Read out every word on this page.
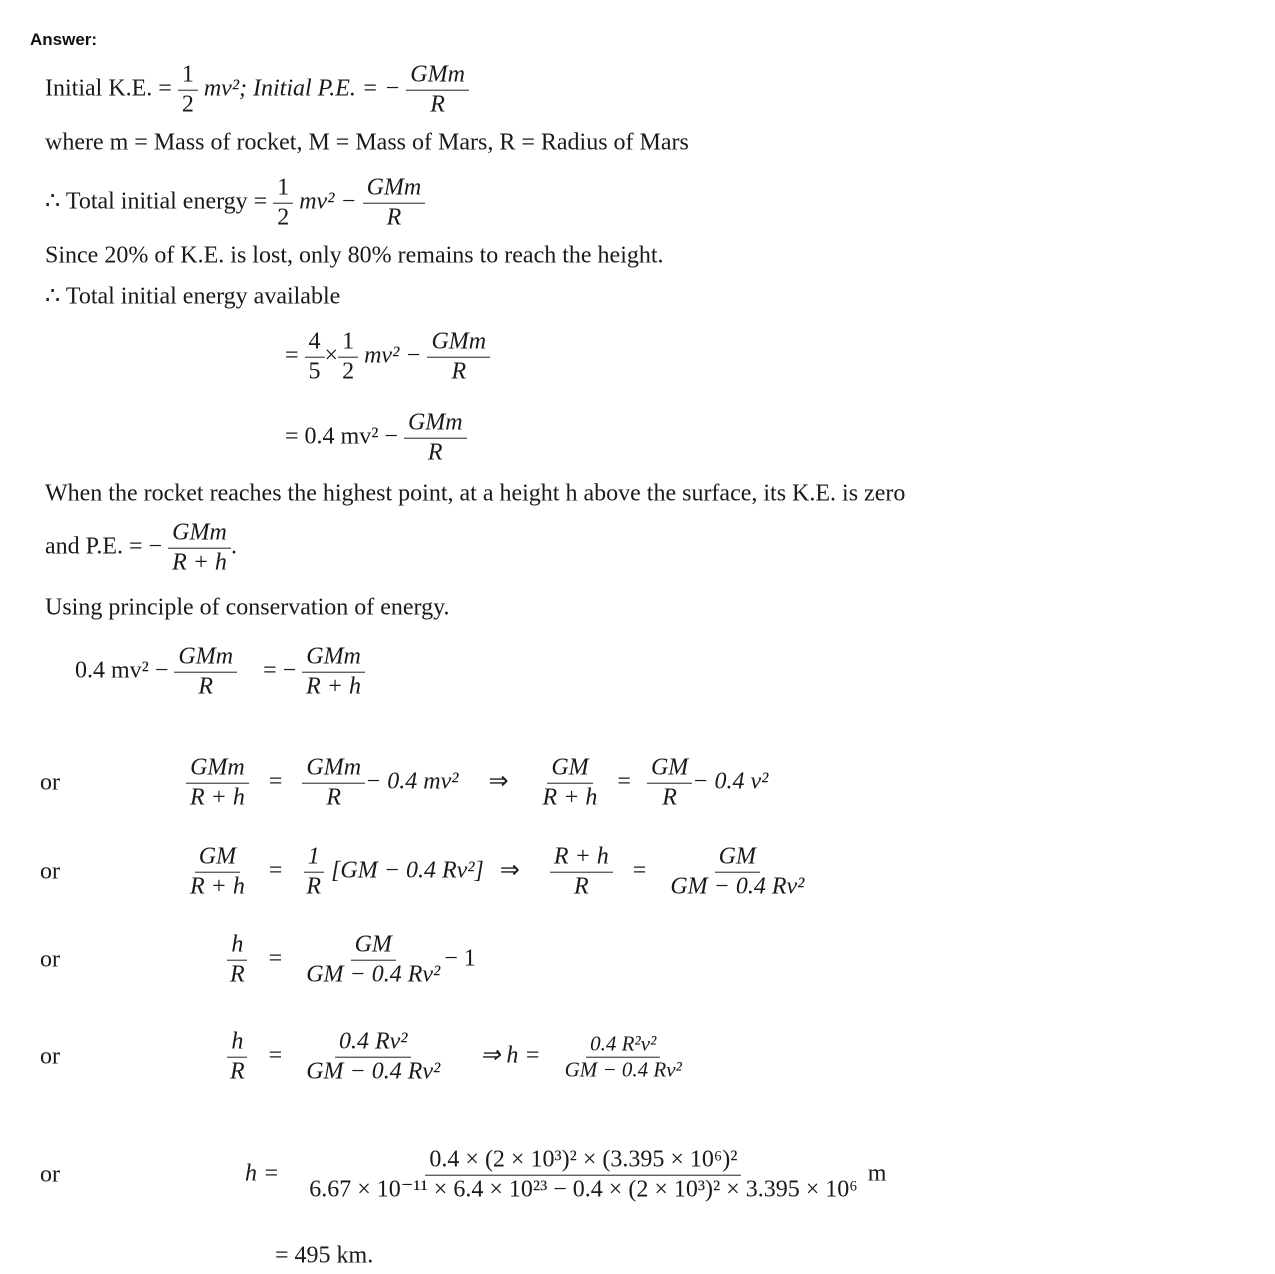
Answer:
Initial K.E. = $\frac{1}{2} mv^2$; Initial P.E. = −
GMm
R
where m = Mass of rocket, M = Mass of Mars, R = Radius of Mars
∴ Total initial energy = $\frac{1}{2} mv^2$ −
GMm
R
Since 20% of K.E. is lost, only 80% remains to reach the height.
∴ Total initial energy available
= $\frac{4}{5} \times \frac{1}{2} mv^2$ −
GMm
R
= 0.4 mv² −
GMm
R
When the rocket reaches the highest point, at a height h above the surface, its K.E. is zero
and P.E. = −
GMm
R + h
.
Using principle of conservation of energy.
0.4 mv² −
GMm
R
= −
GMm
R + h
or
GMm
R + h
=
GMm
R
− 0.4 mv² ⇒ $\frac{GM}{R + h} = \frac{GM}{R} - 0.4$ v²
or	$\frac{GM}{R + h} = \frac{1}{R} [GM - 0.4$ Rv²] ⇒ $\frac{R + h}{R} = \frac{GM}{\text{GM − 0.4 Rv²}}$
or	$\frac{h}{R} = \frac{GM}{\text{GM − 0.4 Rv²}} - 1$
or	$\frac{h}{R} = \frac{\text{0.4 Rv²}}{\text{GM − 0.4 Rv²}}$ ⇒ $h = \frac{\text{0.4 R²v²}}{\text{GM − 0.4 Rv²}}$
or	$h = \frac{\text{0.4 × (2 × 10³)² × (3.395 × 10⁶)²}}{\text{6.67 × 10⁻¹¹ × 6.4 × 10²³ − 0.4 × (2 × 10³)² × 3.395 × 10⁶}}$ m
= 495 km.
